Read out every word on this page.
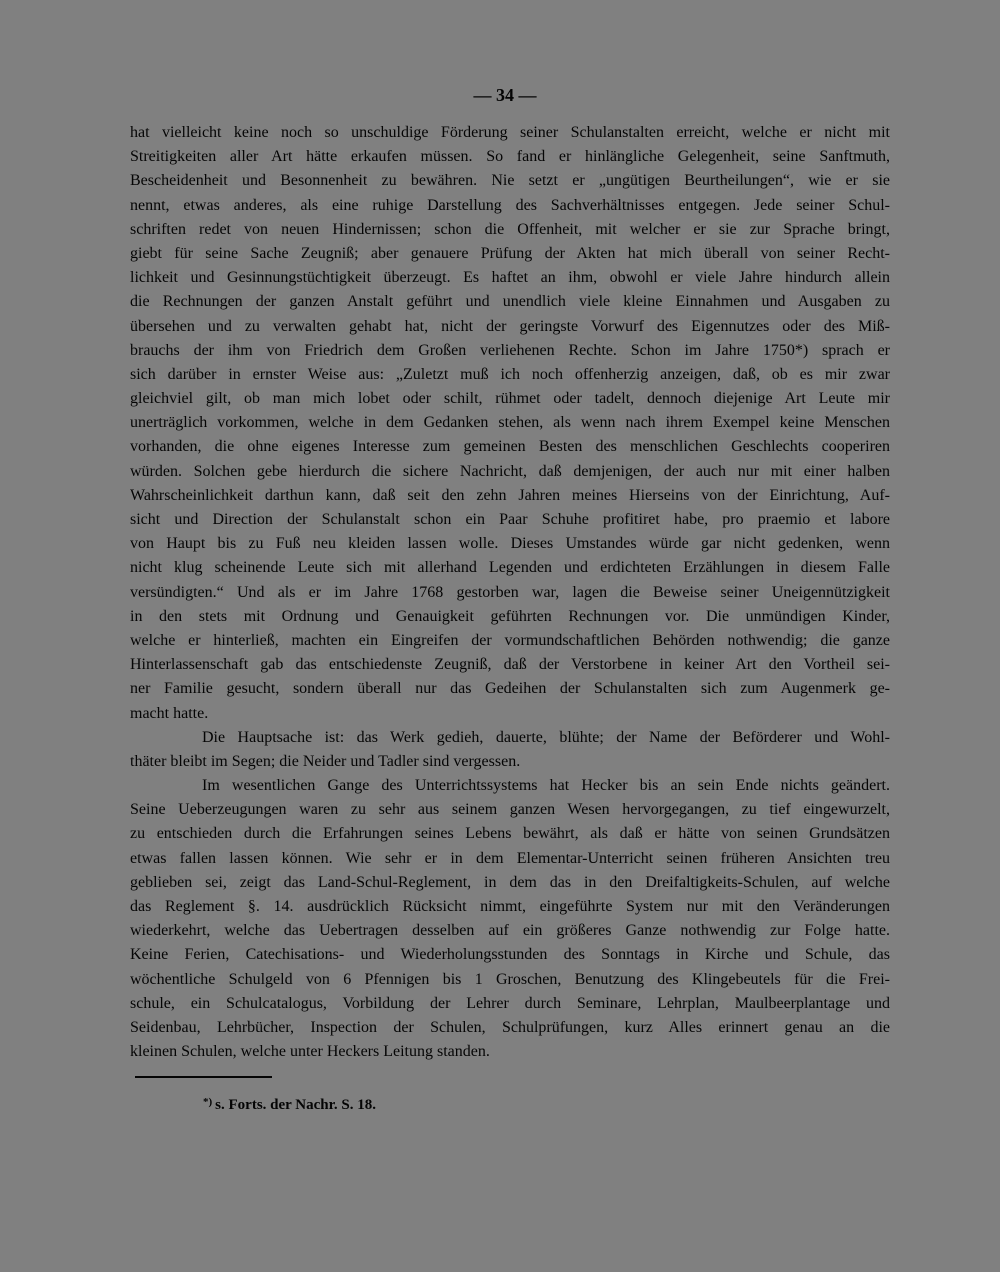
— 34 —
hat vielleicht keine noch so unschuldige Förderung seiner Schulanstalten erreicht, welche er nicht mit
Streitigkeiten aller Art hätte erkaufen müssen. So fand er hinlängliche Gelegenheit, seine Sanftmuth,
Bescheidenheit und Besonnenheit zu bewähren. Nie setzt er „ungütigen Beurtheilungen“, wie er sie
nennt, etwas anderes, als eine ruhige Darstellung des Sachverhältnisses entgegen. Jede seiner Schul-
schriften redet von neuen Hindernissen; schon die Offenheit, mit welcher er sie zur Sprache bringt,
giebt für seine Sache Zeugniß; aber genauere Prüfung der Akten hat mich überall von seiner Recht-
lichkeit und Gesinnungstüchtigkeit überzeugt. Es haftet an ihm, obwohl er viele Jahre hindurch allein
die Rechnungen der ganzen Anstalt geführt und unendlich viele kleine Einnahmen und Ausgaben zu
übersehen und zu verwalten gehabt hat, nicht der geringste Vorwurf des Eigennutzes oder des Miß-
brauchs der ihm von Friedrich dem Großen verliehenen Rechte. Schon im Jahre 1750*) sprach er
sich darüber in ernster Weise aus: „Zuletzt muß ich noch offenherzig anzeigen, daß, ob es mir zwar
gleichviel gilt, ob man mich lobet oder schilt, rühmet oder tadelt, dennoch diejenige Art Leute mir
unerträglich vorkommen, welche in dem Gedanken stehen, als wenn nach ihrem Exempel keine Menschen
vorhanden, die ohne eigenes Interesse zum gemeinen Besten des menschlichen Geschlechts cooperiren
würden. Solchen gebe hierdurch die sichere Nachricht, daß demjenigen, der auch nur mit einer halben
Wahrscheinlichkeit darthun kann, daß seit den zehn Jahren meines Hierseins von der Einrichtung, Auf-
sicht und Direction der Schulanstalt schon ein Paar Schuhe profitiret habe, pro praemio et labore
von Haupt bis zu Fuß neu kleiden lassen wolle. Dieses Umstandes würde gar nicht gedenken, wenn
nicht klug scheinende Leute sich mit allerhand Legenden und erdichteten Erzählungen in diesem Falle
versündigten.“ Und als er im Jahre 1768 gestorben war, lagen die Beweise seiner Uneigennützigkeit
in den stets mit Ordnung und Genauigkeit geführten Rechnungen vor. Die unmündigen Kinder,
welche er hinterließ, machten ein Eingreifen der vormundschaftlichen Behörden nothwendig; die ganze
Hinterlassenschaft gab das entschiedenste Zeugniß, daß der Verstorbene in keiner Art den Vortheil sei-
ner Familie gesucht, sondern überall nur das Gedeihen der Schulanstalten sich zum Augenmerk ge-
macht hatte.
Die Hauptsache ist: das Werk gedieh, dauerte, blühte; der Name der Beförderer und Wohl-
thäter bleibt im Segen; die Neider und Tadler sind vergessen.
Im wesentlichen Gange des Unterrichtssystems hat Hecker bis an sein Ende nichts geändert.
Seine Ueberzeugungen waren zu sehr aus seinem ganzen Wesen hervorgegangen, zu tief eingewurzelt,
zu entschieden durch die Erfahrungen seines Lebens bewährt, als daß er hätte von seinen Grundsätzen
etwas fallen lassen können. Wie sehr er in dem Elementar-Unterricht seinen früheren Ansichten treu
geblieben sei, zeigt das Land-Schul-Reglement, in dem das in den Dreifaltigkeits-Schulen, auf welche
das Reglement §. 14. ausdrücklich Rücksicht nimmt, eingeführte System nur mit den Veränderungen
wiederkehrt, welche das Uebertragen desselben auf ein größeres Ganze nothwendig zur Folge hatte.
Keine Ferien, Catechisations- und Wiederholungsstunden des Sonntags in Kirche und Schule, das
wöchentliche Schulgeld von 6 Pfennigen bis 1 Groschen, Benutzung des Klingebeutels für die Frei-
schule, ein Schulcatalogus, Vorbildung der Lehrer durch Seminare, Lehrplan, Maulbeerplantage und
Seidenbau, Lehrbücher, Inspection der Schulen, Schulprüfungen, kurz Alles erinnert genau an die
kleinen Schulen, welche unter Heckers Leitung standen.
*) s. Forts. der Nachr. S. 18.
